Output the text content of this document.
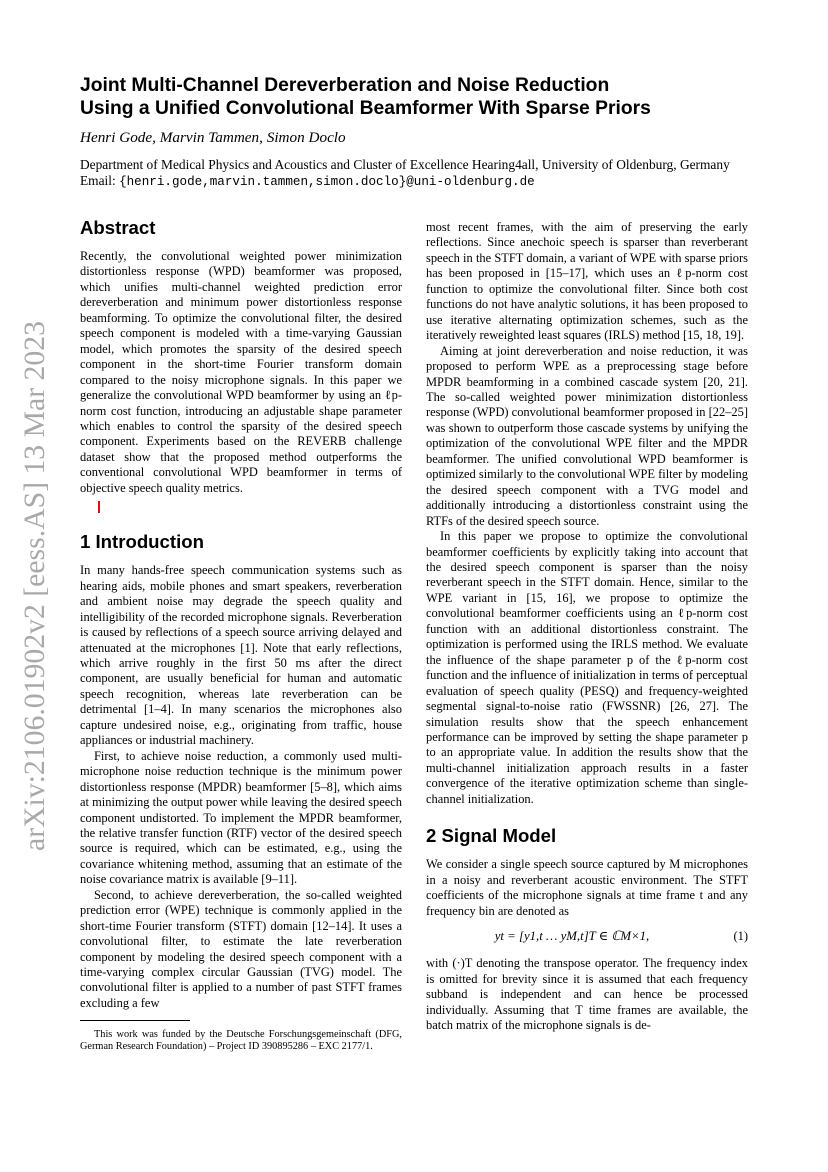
arXiv:2106.01902v2 [eess.AS] 13 Mar 2023
Joint Multi-Channel Dereverberation and Noise Reduction
Using a Unified Convolutional Beamformer With Sparse Priors
Henri Gode, Marvin Tammen, Simon Doclo
Department of Medical Physics and Acoustics and Cluster of Excellence Hearing4all, University of Oldenburg, Germany
Email: {henri.gode,marvin.tammen,simon.doclo}@uni-oldenburg.de
Abstract

Recently, the convolutional weighted power minimization distortionless response (WPD) beamformer was proposed, which unifies multi-channel weighted prediction error dereverberation and minimum power distortionless response beamforming. To optimize the convolutional filter, the desired speech component is modeled with a time-varying Gaussian model, which promotes the sparsity of the desired speech component in the short-time Fourier transform domain compared to the noisy microphone signals. In this paper we generalize the convolutional WPD beamformer by using an ℓp-norm cost function, introducing an adjustable shape parameter which enables to control the sparsity of the desired speech component. Experiments based on the REVERB challenge dataset show that the proposed method outperforms the conventional convolutional WPD beamformer in terms of objective speech quality metrics.

1 Introduction

In many hands-free speech communication systems such as hearing aids, mobile phones and smart speakers, reverberation and ambient noise may degrade the speech quality and intelligibility of the recorded microphone signals. Reverberation is caused by reflections of a speech source arriving delayed and attenuated at the microphones [1]. Note that early reflections, which arrive roughly in the first 50 ms after the direct component, are usually beneficial for human and automatic speech recognition, whereas late reverberation can be detrimental [1–4]. In many scenarios the microphones also capture undesired noise, e.g., originating from traffic, house appliances or industrial machinery.

First, to achieve noise reduction, a commonly used multi-microphone noise reduction technique is the minimum power distortionless response (MPDR) beamformer [5–8], which aims at minimizing the output power while leaving the desired speech component undistorted. To implement the MPDR beamformer, the relative transfer function (RTF) vector of the desired speech source is required, which can be estimated, e.g., using the covariance whitening method, assuming that an estimate of the noise covariance matrix is available [9–11].

Second, to achieve dereverberation, the so-called weighted prediction error (WPE) technique is commonly applied in the short-time Fourier transform (STFT) domain [12–14]. It uses a convolutional filter, to estimate the late reverberation component by modeling the desired speech component with a time-varying complex circular Gaussian (TVG) model. The convolutional filter is applied to a number of past STFT frames excluding a few

most recent frames, with the aim of preserving the early reflections. Since anechoic speech is sparser than reverberant speech in the STFT domain, a variant of WPE with sparse priors has been proposed in [15–17], which uses an ℓp-norm cost function to optimize the convolutional filter. Since both cost functions do not have analytic solutions, it has been proposed to use iterative alternating optimization schemes, such as the iteratively reweighted least squares (IRLS) method [15, 18, 19].

Aiming at joint dereverberation and noise reduction, it was proposed to perform WPE as a preprocessing stage before MPDR beamforming in a combined cascade system [20, 21]. The so-called weighted power minimization distortionless response (WPD) convolutional beamformer proposed in [22–25] was shown to outperform those cascade systems by unifying the optimization of the convolutional WPE filter and the MPDR beamformer. The unified convolutional WPD beamformer is optimized similarly to the convolutional WPE filter by modeling the desired speech component with a TVG model and additionally introducing a distortionless constraint using the RTFs of the desired speech source.

In this paper we propose to optimize the convolutional beamformer coefficients by explicitly taking into account that the desired speech component is sparser than the noisy reverberant speech in the STFT domain. Hence, similar to the WPE variant in [15, 16], we propose to optimize the convolutional beamformer coefficients using an ℓp-norm cost function with an additional distortionless constraint. The optimization is performed using the IRLS method. We evaluate the influence of the shape parameter p of the ℓp-norm cost function and the influence of initialization in terms of perceptual evaluation of speech quality (PESQ) and frequency-weighted segmental signal-to-noise ratio (FWSSNR) [26, 27]. The simulation results show that the speech enhancement performance can be improved by setting the shape parameter p to an appropriate value. In addition the results show that the multi-channel initialization approach results in a faster convergence of the iterative optimization scheme than single-channel initialization.

2 Signal Model

We consider a single speech source captured by M microphones in a noisy and reverberant acoustic environment. The STFT coefficients of the microphone signals at time frame t and any frequency bin are denoted as

yt = [y1,t … yM,t]T ∈ ℂM×1,	(1)

with (·)T denoting the transpose operator. The frequency index is omitted for brevity since it is assumed that each frequency subband is independent and can hence be processed individually. Assuming that T time frames are available, the batch matrix of the microphone signals is de-

This work was funded by the Deutsche Forschungsgemeinschaft (DFG, German Research Foundation) – Project ID 390895286 – EXC 2177/1.
